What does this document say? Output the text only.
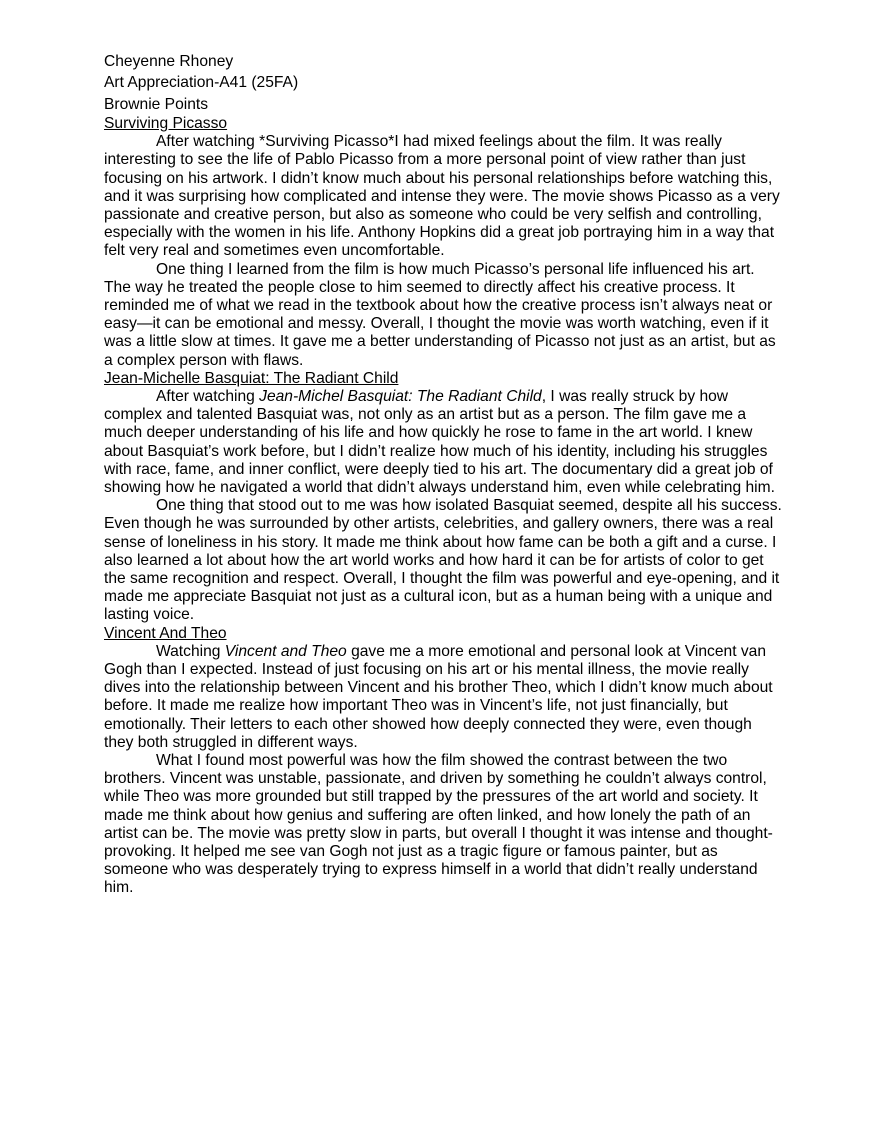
Cheyenne Rhoney
Art Appreciation-A41 (25FA)
Brownie Points
Surviving Picasso

After watching *Surviving Picasso*I had mixed feelings about the film. It was really interesting to see the life of Pablo Picasso from a more personal point of view rather than just focusing on his artwork. I didn’t know much about his personal relationships before watching this, and it was surprising how complicated and intense they were. The movie shows Picasso as a very passionate and creative person, but also as someone who could be very selfish and controlling, especially with the women in his life. Anthony Hopkins did a great job portraying him in a way that felt very real and sometimes even uncomfortable.

One thing I learned from the film is how much Picasso’s personal life influenced his art. The way he treated the people close to him seemed to directly affect his creative process. It reminded me of what we read in the textbook about how the creative process isn’t always neat or easy—it can be emotional and messy. Overall, I thought the movie was worth watching, even if it was a little slow at times. It gave me a better understanding of Picasso not just as an artist, but as a complex person with flaws.

Jean-Michelle Basquiat: The Radiant Child

After watching Jean-Michel Basquiat: The Radiant Child, I was really struck by how complex and talented Basquiat was, not only as an artist but as a person. The film gave me a much deeper understanding of his life and how quickly he rose to fame in the art world. I knew about Basquiat’s work before, but I didn’t realize how much of his identity, including his struggles with race, fame, and inner conflict, were deeply tied to his art. The documentary did a great job of showing how he navigated a world that didn’t always understand him, even while celebrating him.

One thing that stood out to me was how isolated Basquiat seemed, despite all his success. Even though he was surrounded by other artists, celebrities, and gallery owners, there was a real sense of loneliness in his story. It made me think about how fame can be both a gift and a curse. I also learned a lot about how the art world works and how hard it can be for artists of color to get the same recognition and respect. Overall, I thought the film was powerful and eye-opening, and it made me appreciate Basquiat not just as a cultural icon, but as a human being with a unique and lasting voice.

Vincent And Theo

Watching Vincent and Theo gave me a more emotional and personal look at Vincent van Gogh than I expected. Instead of just focusing on his art or his mental illness, the movie really dives into the relationship between Vincent and his brother Theo, which I didn’t know much about before. It made me realize how important Theo was in Vincent’s life, not just financially, but emotionally. Their letters to each other showed how deeply connected they were, even though they both struggled in different ways.

What I found most powerful was how the film showed the contrast between the two brothers. Vincent was unstable, passionate, and driven by something he couldn’t always control, while Theo was more grounded but still trapped by the pressures of the art world and society. It made me think about how genius and suffering are often linked, and how lonely the path of an artist can be. The movie was pretty slow in parts, but overall I thought it was intense and thought-provoking. It helped me see van Gogh not just as a tragic figure or famous painter, but as someone who was desperately trying to express himself in a world that didn’t really understand him.
